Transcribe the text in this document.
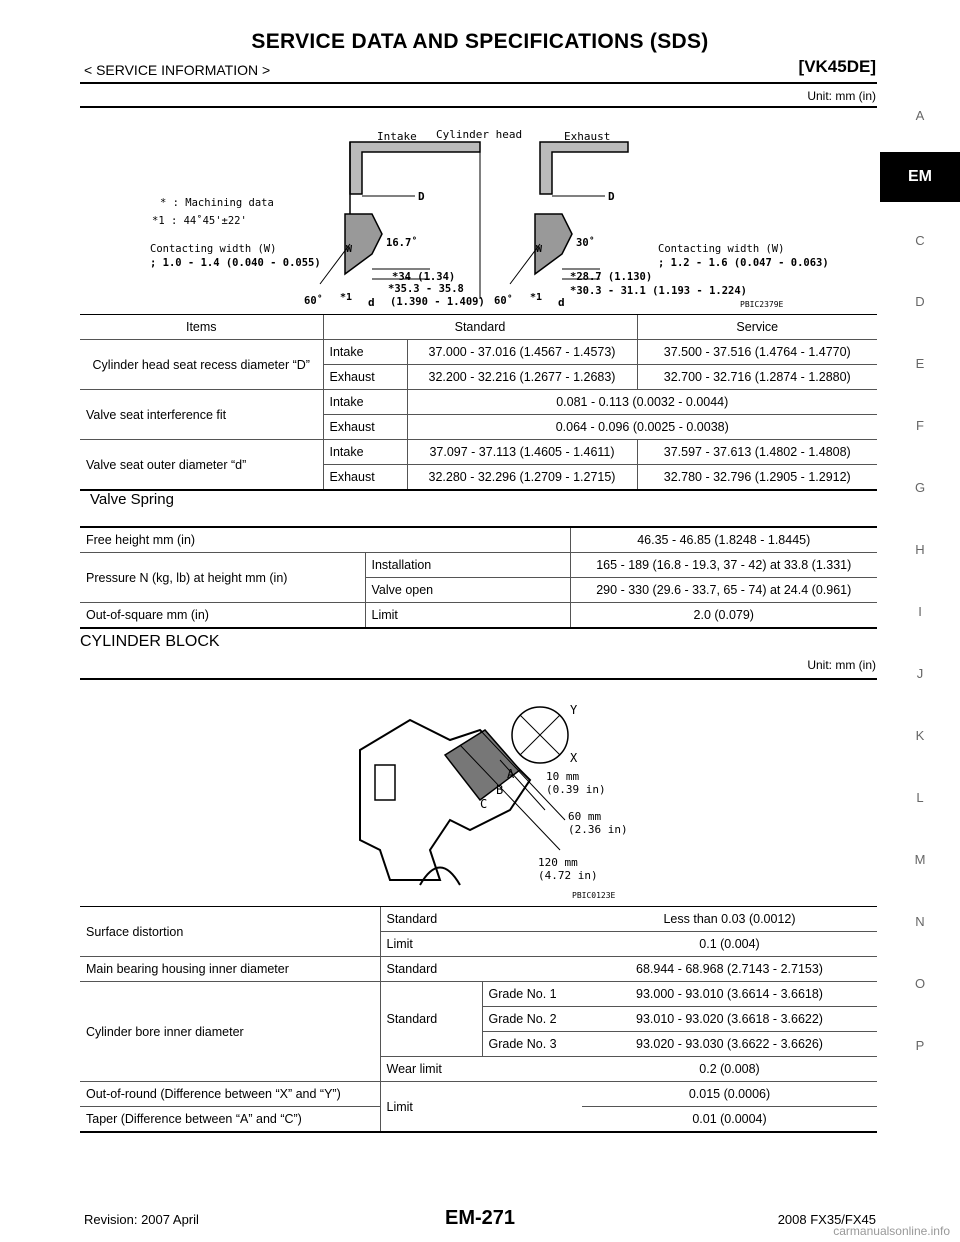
SERVICE DATA AND SPECIFICATIONS (SDS)
< SERVICE INFORMATION >	[VK45DE]
Unit: mm (in)
Intake Cylinder head	Exhaust
D	D
* : Machining data
*1 : 44˚45'±22'
Contacting width (W)
; 1.0 - 1.4 (0.040 - 0.055)
Contacting width (W)
; 1.2 - 1.6 (0.047 - 0.063)
16.7˚	30˚
*34 (1.34)
*35.3 - 35.8
(1.390 - 1.409)
*28.7 (1.130)
*30.3 - 31.1 (1.193 - 1.224)
60˚	60˚
*1	*1
d	d
W	W
PBIC2379E
Items	Standard		Service
Cylinder head seat recess diameter “D”	Intake	37.000 - 37.016 (1.4567 - 1.4573)	37.500 - 37.516 (1.4764 - 1.4770)
	Exhaust	32.200 - 32.216 (1.2677 - 1.2683)	32.700 - 32.716 (1.2874 - 1.2880)
Valve seat interference fit	Intake	0.081 - 0.113 (0.0032 - 0.0044)	
	Exhaust	0.064 - 0.096 (0.0025 - 0.0038)	
Valve seat outer diameter “d”	Intake	37.097 - 37.113 (1.4605 - 1.4611)	37.597 - 37.613 (1.4802 - 1.4808)
	Exhaust	32.280 - 32.296 (1.2709 - 1.2715)	32.780 - 32.796 (1.2905 - 1.2912)
Valve Spring
Free height mm (in)		46.35 - 46.85 (1.8248 - 1.8445)
Pressure N (kg, lb) at height mm (in)	Installation	165 - 189 (16.8 - 19.3, 37 - 42) at 33.8 (1.331)
	Valve open	290 - 330 (29.6 - 33.7, 65 - 74) at 24.4 (0.961)
Out-of-square mm (in)	Limit	2.0 (0.079)
CYLINDER BLOCK
Unit: mm (in)
Y
X
A
B
C
10 mm
(0.39 in)
60 mm
(2.36 in)
120 mm
(4.72 in)
PBIC0123E
Surface distortion	Standard		Less than 0.03 (0.0012)
	Limit		0.1 (0.004)
Main bearing housing inner diameter	Standard		68.944 - 68.968 (2.7143 - 2.7153)
Cylinder bore inner diameter	Standard	Grade No. 1	93.000 - 93.010 (3.6614 - 3.6618)
		Grade No. 2	93.010 - 93.020 (3.6618 - 3.6622)
		Grade No. 3	93.020 - 93.030 (3.6622 - 3.6626)
	Wear limit		0.2 (0.008)
Out-of-round (Difference between “X” and “Y”)	Limit		0.015 (0.0006)
Taper (Difference between “A” and “C”)			0.01 (0.0004)
A
EM
C
D
E
F
G
H
I
J
K
L
M
N
O
P
Revision: 2007 April	EM-271	2008 FX35/FX45
carmanualsonline.info
